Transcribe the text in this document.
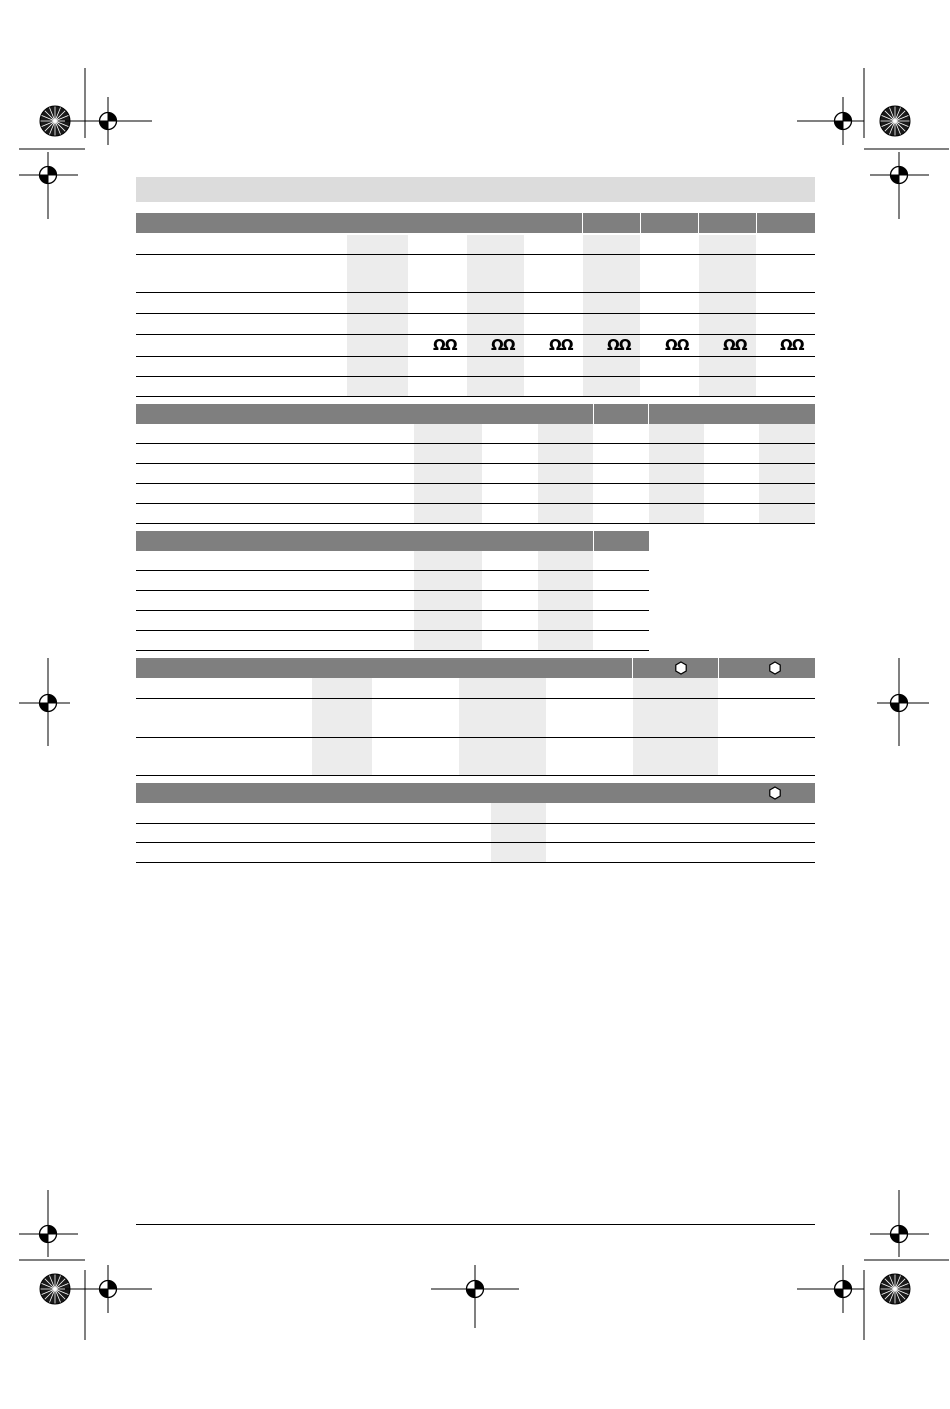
ΩΩ ΩΩ ΩΩ ΩΩ ΩΩ ΩΩ ΩΩ
